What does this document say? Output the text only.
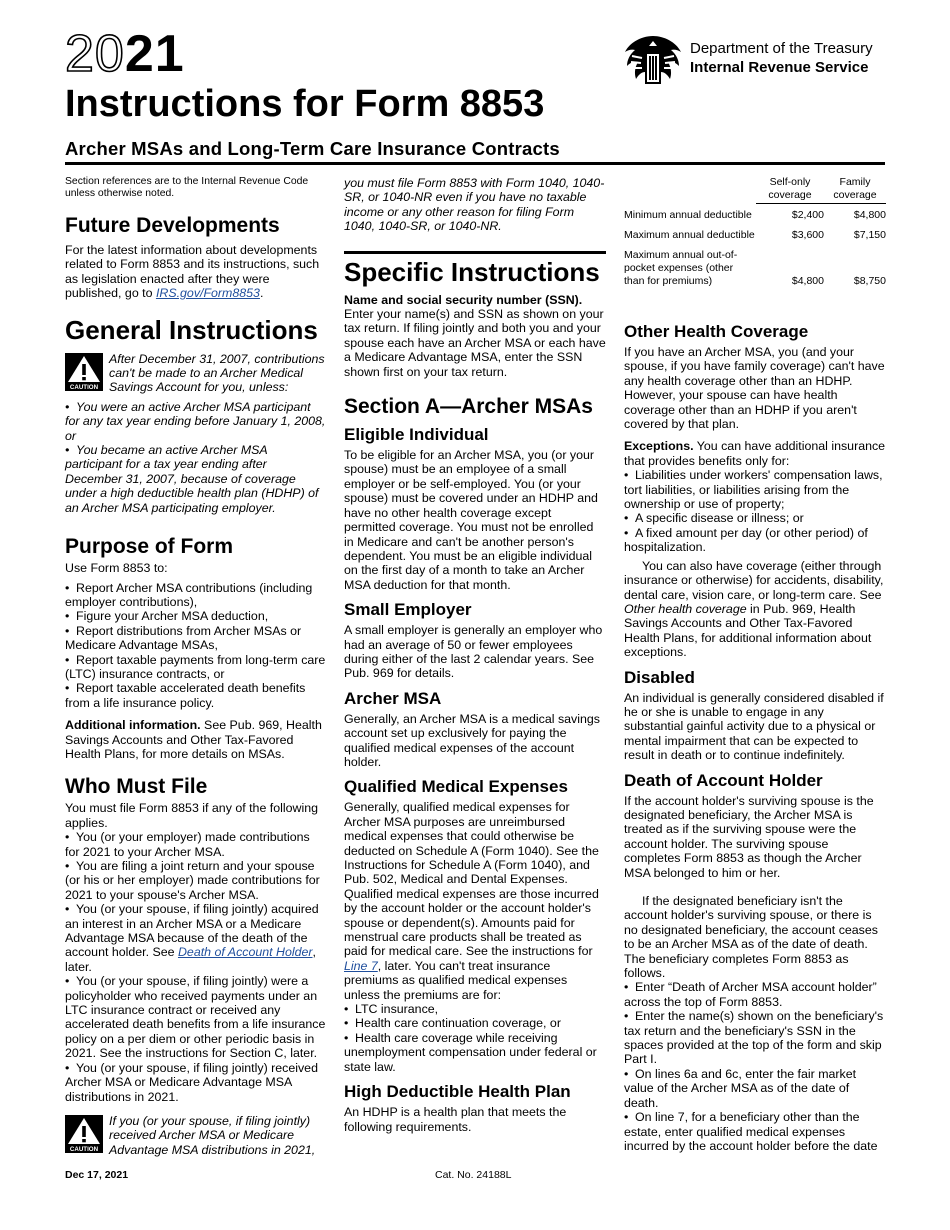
2021
Instructions for Form 8853
Archer MSAs and Long-Term Care Insurance Contracts
Department of the Treasury
Internal Revenue Service

Section references are to the Internal Revenue Code unless otherwise noted.

Future Developments

For the latest information about developments related to Form 8853 and its instructions, such as legislation enacted after they were published, go to IRS.gov/Form8853.

General Instructions
CAUTION

After December 31, 2007, contributions can't be made to an Archer Medical Savings Account for you, unless:

• You were an active Archer MSA participant for any tax year ending before January 1, 2008, or

• You became an active Archer MSA participant for a tax year ending after December 31, 2007, because of coverage under a high deductible health plan (HDHP) of an Archer MSA participating employer.

Purpose of Form

Use Form 8853 to:

• Report Archer MSA contributions (including employer contributions),

• Figure your Archer MSA deduction,

• Report distributions from Archer MSAs or Medicare Advantage MSAs,

• Report taxable payments from long-term care (LTC) insurance contracts, or

• Report taxable accelerated death benefits from a life insurance policy.

Additional information. See Pub. 969, Health Savings Accounts and Other Tax-Favored Health Plans, for more details on MSAs.

Who Must File

You must file Form 8853 if any of the following applies.

• You (or your employer) made contributions for 2021 to your Archer MSA.

• You are filing a joint return and your spouse (or his or her employer) made contributions for 2021 to your spouse's Archer MSA.

• You (or your spouse, if filing jointly) acquired an interest in an Archer MSA or a Medicare Advantage MSA because of the death of the account holder. See Death of Account Holder, later.

• You (or your spouse, if filing jointly) were a policyholder who received payments under an LTC insurance contract or received any accelerated death benefits from a life insurance policy on a per diem or other periodic basis in 2021. See the instructions for Section C, later.

• You (or your spouse, if filing jointly) received Archer MSA or Medicare Advantage MSA distributions in 2021.

CAUTION

If you (or your spouse, if filing jointly) received Archer MSA or Medicare Advantage MSA distributions in 2021,

you must file Form 8853 with Form 1040, 1040-SR, or 1040-NR even if you have no taxable income or any other reason for filing Form 1040, 1040-SR, or 1040-NR.

Specific Instructions

Name and social security number (SSN). Enter your name(s) and SSN as shown on your tax return. If filing jointly and both you and your spouse each have an Archer MSA or each have a Medicare Advantage MSA, enter the SSN shown first on your tax return.

Section A—Archer MSAs
Eligible Individual

To be eligible for an Archer MSA, you (or your spouse) must be an employee of a small employer or be self-employed. You (or your spouse) must be covered under an HDHP and have no other health coverage except permitted coverage. You must not be enrolled in Medicare and can't be another person's dependent. You must be an eligible individual on the first day of a month to take an Archer MSA deduction for that month.

Small Employer

A small employer is generally an employer who had an average of 50 or fewer employees during either of the last 2 calendar years. See Pub. 969 for details.

Archer MSA

Generally, an Archer MSA is a medical savings account set up exclusively for paying the qualified medical expenses of the account holder.

Qualified Medical Expenses

Generally, qualified medical expenses for Archer MSA purposes are unreimbursed medical expenses that could otherwise be deducted on Schedule A (Form 1040). See the Instructions for Schedule A (Form 1040), and Pub. 502, Medical and Dental Expenses. Qualified medical expenses are those incurred by the account holder or the account holder's spouse or dependent(s). Amounts paid for menstrual care products shall be treated as paid for medical care. See the instructions for Line 7, later. You can't treat insurance premiums as qualified medical expenses unless the premiums are for:

• LTC insurance,

• Health care continuation coverage, or

• Health care coverage while receiving unemployment compensation under federal or state law.

High Deductible Health Plan

An HDHP is a health plan that meets the following requirements.

	Self-only coverage	Family coverage
Minimum annual deductible	$2,400	$4,800
Maximum annual deductible	$3,600	$7,150
Maximum annual out-of-pocket expenses (other than for premiums)	$4,800	$8,750
Other Health Coverage

If you have an Archer MSA, you (and your spouse, if you have family coverage) can't have any health coverage other than an HDHP. However, your spouse can have health coverage other than an HDHP if you aren't covered by that plan.

Exceptions. You can have additional insurance that provides benefits only for:

• Liabilities under workers' compensation laws, tort liabilities, or liabilities arising from the ownership or use of property;

• A specific disease or illness; or

• A fixed amount per day (or other period) of hospitalization.

You can also have coverage (either through insurance or otherwise) for accidents, disability, dental care, vision care, or long-term care. See Other health coverage in Pub. 969, Health Savings Accounts and Other Tax-Favored Health Plans, for additional information about exceptions.

Disabled

An individual is generally considered disabled if he or she is unable to engage in any substantial gainful activity due to a physical or mental impairment that can be expected to result in death or to continue indefinitely.

Death of Account Holder

If the account holder's surviving spouse is the designated beneficiary, the Archer MSA is treated as if the surviving spouse were the account holder. The surviving spouse completes Form 8853 as though the Archer MSA belonged to him or her.

If the designated beneficiary isn't the account holder's surviving spouse, or there is no designated beneficiary, the account ceases to be an Archer MSA as of the date of death. The beneficiary completes Form 8853 as follows.

• Enter “Death of Archer MSA account holder” across the top of Form 8853.

• Enter the name(s) shown on the beneficiary's tax return and the beneficiary's SSN in the spaces provided at the top of the form and skip Part I.

• On lines 6a and 6c, enter the fair market value of the Archer MSA as of the date of death.

• On line 7, for a beneficiary other than the estate, enter qualified medical expenses incurred by the account holder before the date

Dec 17, 2021	Cat. No. 24188L
